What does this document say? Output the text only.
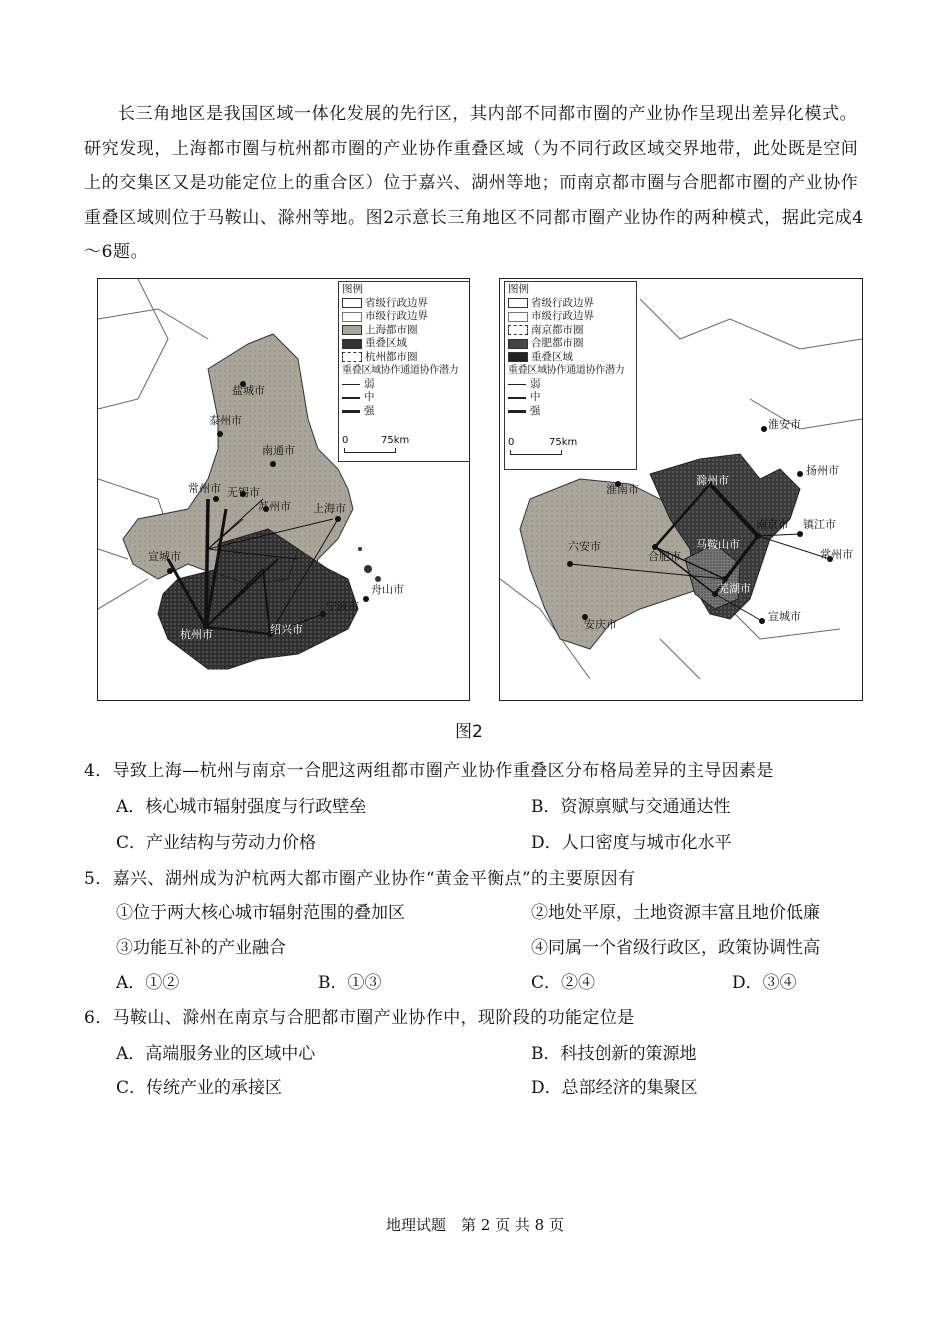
长三角地区是我国区域一体化发展的先行区，其内部不同都市圈的产业协作呈现出差异化模式。研究发现，上海都市圈与杭州都市圈的产业协作重叠区域（为不同行政区域交界地带，此处既是空间上的交集区又是功能定位上的重合区）位于嘉兴、湖州等地；而南京都市圈与合肥都市圈的产业协作重叠区域则位于马鞍山、滁州等地。图2示意长三角地区不同都市圈产业协作的两种模式，据此完成4～6题。

盐城市
泰州市
南通市
常州市 无锡市
苏州市 上海市
宣城市
舟山市
宁波市
杭州市	绍兴市
图例
省级行政边界
市级行政边界
上海都市圈
重叠区域
杭州都市圈
重叠区域协作通道协作潜力
弱
中
强
0	75km
淮安市
扬州市
淮南市
滁州市
南京市 镇江市
六安市
合肥市
马鞍山市
常州市
芜湖市
宣城市
安庆市
图例
省级行政边界
市级行政边界
南京都市圈
合肥都市圈
重叠区域
重叠区域协作通道协作潜力
弱
中
强
0	75km
图2
4．导致上海—杭州与南京一合肥这两组都市圈产业协作重叠区分布格局差异的主导因素是
A．核心城市辐射强度与行政壁垒	B．资源禀赋与交通通达性
C．产业结构与劳动力价格	D．人口密度与城市化水平
5．嘉兴、湖州成为沪杭两大都市圈产业协作“黄金平衡点”的主要原因有
①位于两大核心城市辐射范围的叠加区	②地处平原，土地资源丰富且地价低廉
③功能互补的产业融合	④同属一个省级行政区，政策协调性高
A．①②	B．①③	C．②④	D．③④
6．马鞍山、滁州在南京与合肥都市圈产业协作中，现阶段的功能定位是
A．高端服务业的区域中心	B．科技创新的策源地
C．传统产业的承接区	D．总部经济的集聚区
地理试题　第 2 页 共 8 页
